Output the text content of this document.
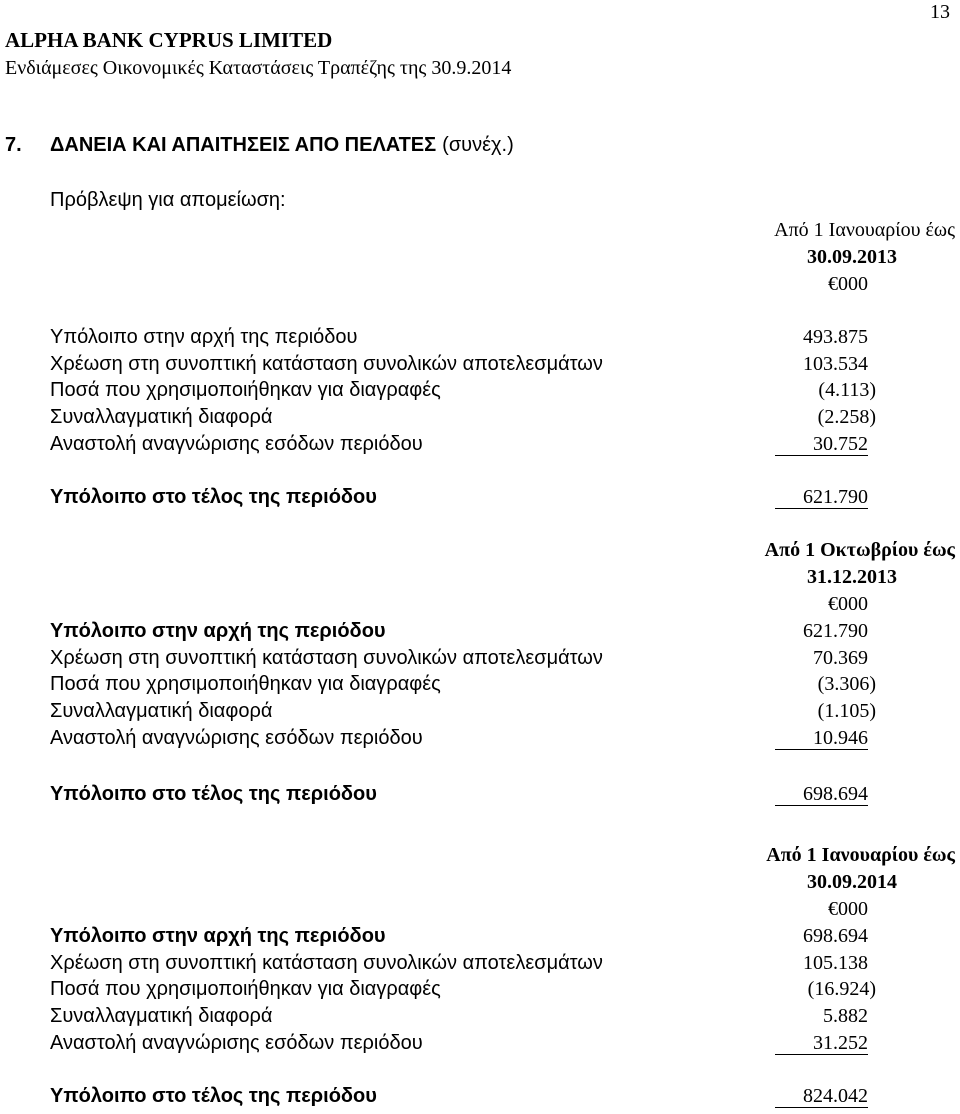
13
ALPHA BANK CYPRUS LIMITED
Ενδιάμεσες Οικονομικές Καταστάσεις Τραπέζης της 30.9.2014
7. ΔΑΝΕΙΑ ΚΑΙ ΑΠΑΙΤΗΣΕΙΣ ΑΠΟ ΠΕΛΑΤΕΣ (συνέχ.)
Πρόβλεψη για απομείωση:
Από 1 Ιανουαρίου έως
30.09.2013
€000
Υπόλοιπο στην αρχή της περιόδου	493.875
Χρέωση στη συνοπτική κατάσταση συνολικών αποτελεσμάτων	103.534
Ποσά που χρησιμοποιήθηκαν για διαγραφές	(4.113)
Συναλλαγματική διαφορά	(2.258)
Αναστολή αναγνώρισης εσόδων περιόδου	30.752
Υπόλοιπο στο τέλος της περιόδου	621.790
Από 1 Οκτωβρίου έως
31.12.2013
€000
Υπόλοιπο στην αρχή της περιόδου	621.790
Χρέωση στη συνοπτική κατάσταση συνολικών αποτελεσμάτων	70.369
Ποσά που χρησιμοποιήθηκαν για διαγραφές	(3.306)
Συναλλαγματική διαφορά	(1.105)
Αναστολή αναγνώρισης εσόδων περιόδου	10.946
Υπόλοιπο στο τέλος της περιόδου	698.694
Από 1 Ιανουαρίου έως
30.09.2014
€000
Υπόλοιπο στην αρχή της περιόδου	698.694
Χρέωση στη συνοπτική κατάσταση συνολικών αποτελεσμάτων	105.138
Ποσά που χρησιμοποιήθηκαν για διαγραφές	(16.924)
Συναλλαγματική διαφορά	5.882
Αναστολή αναγνώρισης εσόδων περιόδου	31.252
Υπόλοιπο στο τέλος της περιόδου	824.042
